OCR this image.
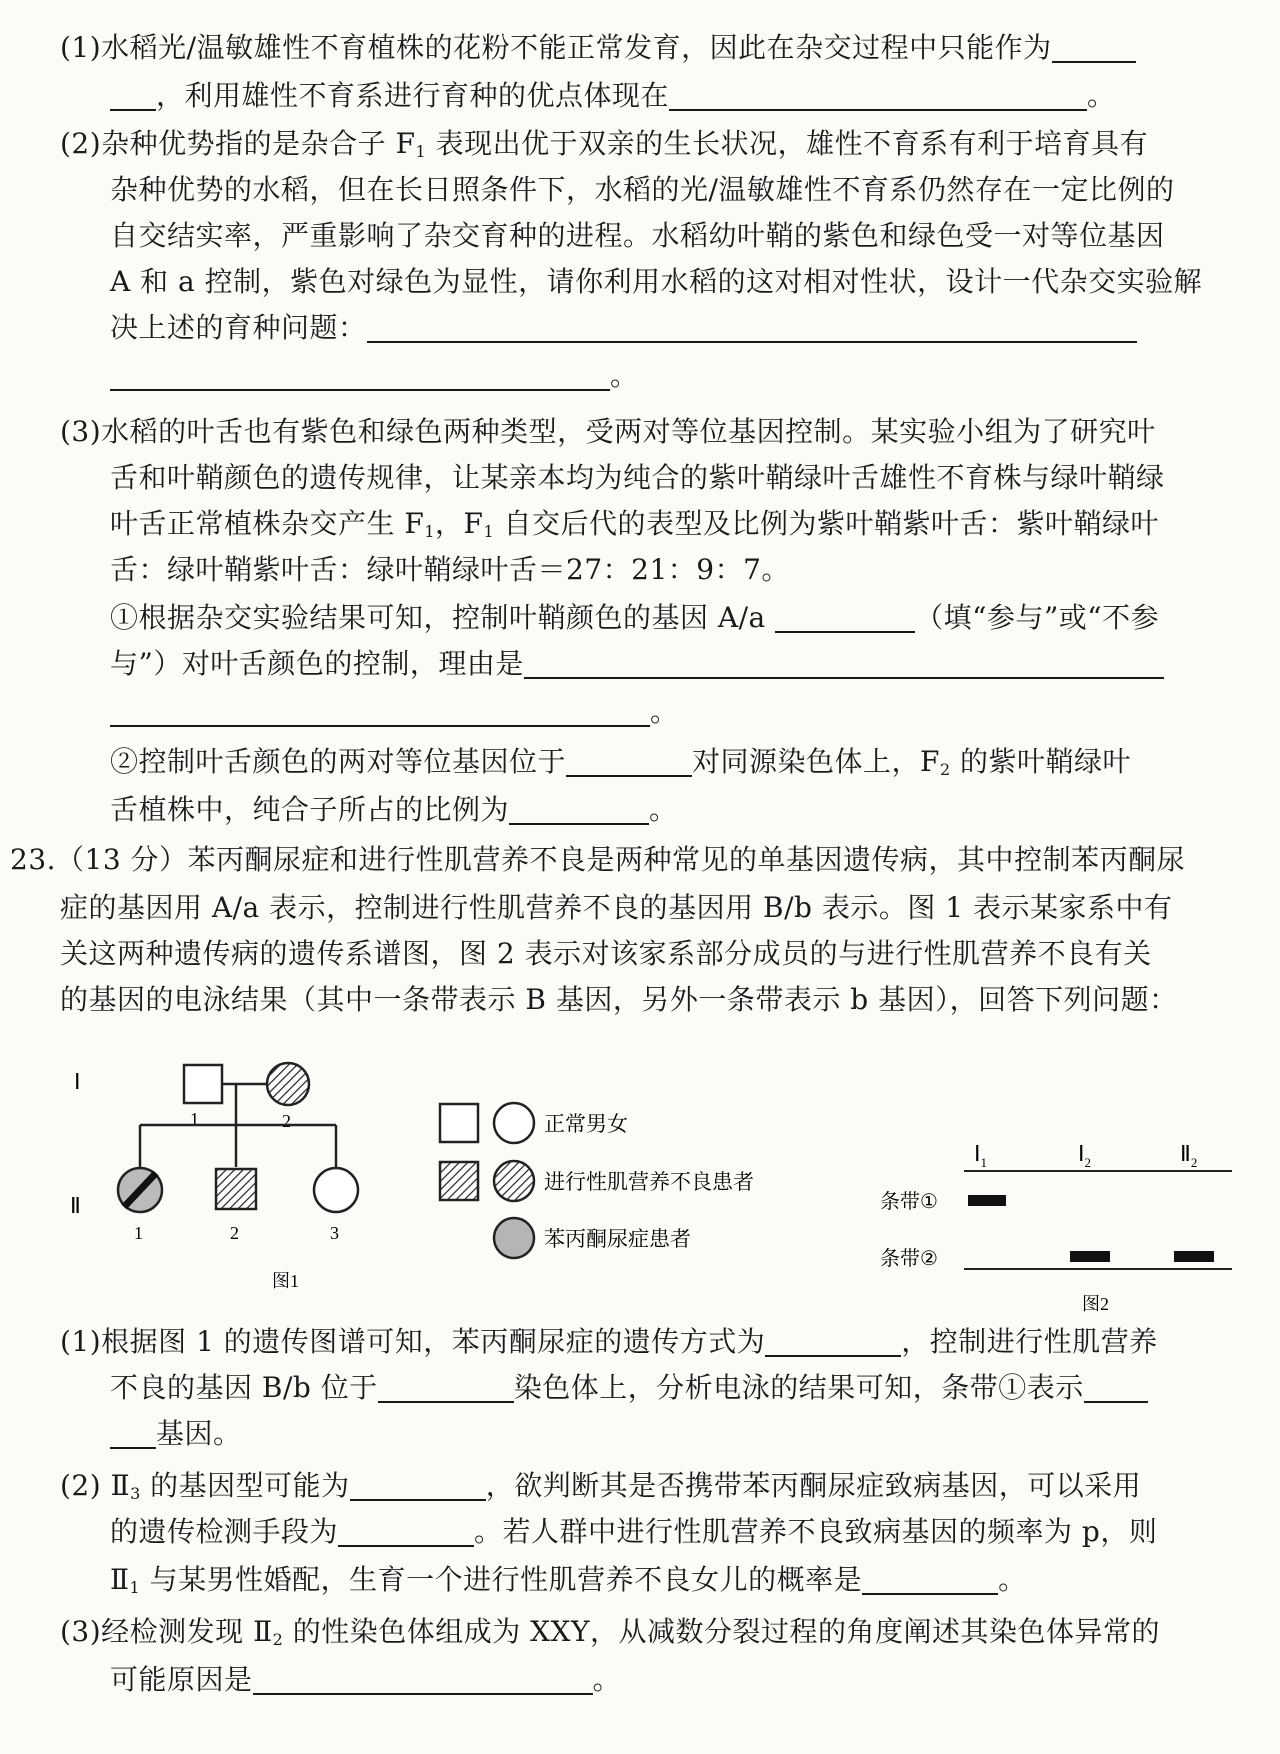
(1)水稻光/温敏雄性不育植株的花粉不能正常发育，因此在杂交过程中只能作为
，利用雄性不育系进行育种的优点体现在	。
(2)杂种优势指的是杂合子 $F_1$ 表现出优于双亲的生长状况，雄性不育系有利于培育具有
杂种优势的水稻，但在长日照条件下，水稻的光/温敏雄性不育系仍然存在一定比例的
自交结实率，严重影响了杂交育种的进程。水稻幼叶鞘的紫色和绿色受一对等位基因
A 和 a 控制，紫色对绿色为显性，请你利用水稻的这对相对性状，设计一代杂交实验解
决上述的育种问题：
。
(3)水稻的叶舌也有紫色和绿色两种类型，受两对等位基因控制。某实验小组为了研究叶
舌和叶鞘颜色的遗传规律，让某亲本均为纯合的紫叶鞘绿叶舌雄性不育株与绿叶鞘绿
叶舌正常植株杂交产生 $F_1$，$F_1$ 自交后代的表型及比例为紫叶鞘紫叶舌：紫叶鞘绿叶
舌：绿叶鞘紫叶舌：绿叶鞘绿叶舌＝27：21：9：7。
①根据杂交实验结果可知，控制叶鞘颜色的基因 A/a	（填“参与”或“不参
与”）对叶舌颜色的控制，理由是
。
②控制叶舌颜色的两对等位基因位于	对同源染色体上，$F_2$ 的紫叶鞘绿叶
舌植株中，纯合子所占的比例为	。
23.（13 分）苯丙酮尿症和进行性肌营养不良是两种常见的单基因遗传病，其中控制苯丙酮尿
症的基因用 A/a 表示，控制进行性肌营养不良的基因用 B/b 表示。图 1 表示某家系中有
关这两种遗传病的遗传系谱图，图 2 表示对该家系部分成员的与进行性肌营养不良有关
的基因的电泳结果（其中一条带表示 B 基因，另外一条带表示 b 基因），回答下列问题：
Ⅰ
Ⅱ
1	2
1	2	3
图1
正常男女
进行性肌营养不良患者
苯丙酮尿症患者
$Ⅰ_1$	$Ⅰ_2$	$Ⅱ_2$
条带①
条带②
图2
(1)根据图 1 的遗传图谱可知，苯丙酮尿症的遗传方式为	，控制进行性肌营养
不良的基因 B/b 位于	染色体上，分析电泳的结果可知，条带①表示
基因。
(2) $Ⅱ_3$ 的基因型可能为	，欲判断其是否携带苯丙酮尿症致病基因，可以采用
的遗传检测手段为	。若人群中进行性肌营养不良致病基因的频率为 p，则
$Ⅱ_1$ 与某男性婚配，生育一个进行性肌营养不良女儿的概率是	。
(3)经检测发现 $Ⅱ_2$ 的性染色体组成为 XXY，从减数分裂过程的角度阐述其染色体异常的
可能原因是	。
